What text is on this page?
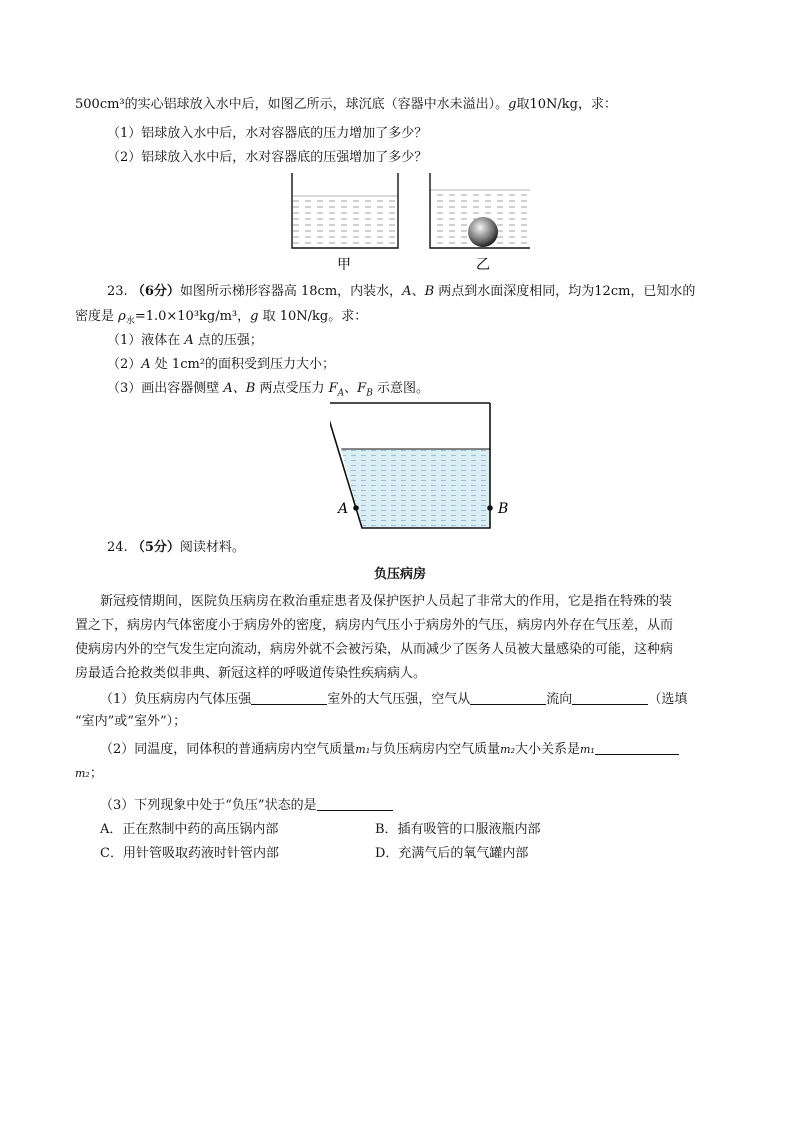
500cm³的实心铝球放入水中后，如图乙所示，球沉底（容器中水未溢出）。g取10N/kg，求：
（1）铝球放入水中后，水对容器底的压力增加了多少？
（2）铝球放入水中后，水对容器底的压强增加了多少？
甲	乙
23. （6分）如图所示梯形容器高 18cm，内装水，A、B 两点到水面深度相同，均为12cm，已知水的
密度是 $\rho_水=1.0\times 10^3kg/m^3$，g 取 10N/kg。求：
（1）液体在 A 点的压强；
（2）A 处 1cm²的面积受到压力大小；
（3）画出容器侧壁 A、B 两点受压力 $F_A$、$F_B$ 示意图。
A	B
24. （5分）阅读材料。
负压病房
新冠疫情期间，医院负压病房在救治重症患者及保护医护人员起了非常大的作用，它是指在特殊的装
置之下，病房内气体密度小于病房外的密度，病房内气压小于病房外的气压，病房内外存在气压差，从而
使病房内外的空气发生定向流动，病房外就不会被污染，从而减少了医务人员被大量感染的可能，这种病
房最适合抢救类似非典、新冠这样的呼吸道传染性疾病病人。
（1）负压病房内气体压强	室外的大气压强，空气从	流向	（选填
“室内”或“室外”）；
（2）同温度，同体积的普通病房内空气质量m₁与负压病房内空气质量m₂大小关系是m₁
m₂；
（3）下列现象中处于“负压”状态的是
A．正在熬制中药的高压锅内部	B．插有吸管的口服液瓶内部
C．用针管吸取药液时针管内部	D．充满气后的氧气罐内部
